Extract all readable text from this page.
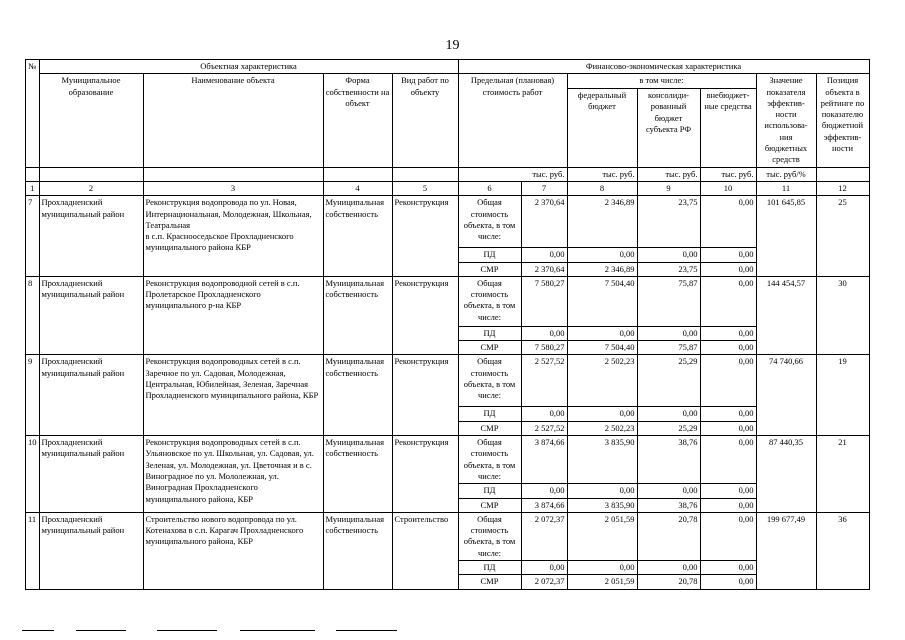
19
№	Объектная характеристика				Финансово-экономическая характеристика						
	Муниципальное образование	Наименование объекта	Форма собственности на объект	Вид работ по объекту	Предельная (плановая) стоимость работ		в том числе:			Значение показателя эффектив-ности использова-ния бюджетных средств	Позиция объекта в рейтинге по показателю бюджетной эффектив-ности
							федеральный бюджет	консолиди-рованный бюджет субъекта РФ	внебюджет-ные средства		
					тыс. руб.		тыс. руб.	тыс. руб.	тыс. руб.	тыс. руб/%	
1	2	3	4	5	6	7	8	9	10	11	12
7	Прохладненский муниципальный район	Реконструкция водопровода по ул. Новая, Интернациональная, Молодежная, Школьная, Театральная
в с.п. Краснооседьское Прохладненского муниципального района КБР	Муниципальная собственность	Реконструкция	Общая стоимость объекта, в том числе:	2 370,64	2 346,89	23,75	0,00	101 645,85	25
					ПД	0,00	0,00	0,00	0,00		
					СМР	2 370,64	2 346,89	23,75	0,00		
8	Прохладненский муниципальный район	Реконструкция водопроводной сетей в с.п. Пролетарское Прохладненского муниципального р-на КБР	Муниципальная собственность	Реконструкция	Общая стоимость объекта, в том числе:	7 580,27	7 504,40	75,87	0,00	144 454,57	30
					ПД	0,00	0,00	0,00	0,00		
					СМР	7 580,27	7 504,40	75,87	0,00		
9	Прохладненский муниципальный район	Реконструкция водопроводных сетей в с.п. Заречное по ул. Садовая, Молодежная, Центральная, Юбилейная, Зеленая, Заречная Прохладненского муниципального района, КБР	Муниципальная собственность	Реконструкция	Общая стоимость объекта, в том числе:	2 527,52	2 502,23	25,29	0,00	74 740,66	19
					ПД	0,00	0,00	0,00	0,00		
					СМР	2 527,52	2 502,23	25,29	0,00		
10	Прохладненский муниципальный район	Реконструкция водопроводных сетей в с.п. Ульяновское по ул. Школьная, ул. Садовая, ул. Зеленая, ул. Молодежная, ул. Цветочная и в с. Виноградное по ул. Мололежная, ул. Виноградная Прохладненского муниципального района, КБР	Муниципальная собственность	Реконструкция	Общая стоимость объекта, в том числе:	3 874,66	3 835,90	38,76	0,00	87 440,35	21
					ПД	0,00	0,00	0,00	0,00		
					СМР	3 874,66	3 835,90	38,76	0,00		
11	Прохладненский муниципальный район	Строительство нового водопровода по ул. Котенахова в с.п. Карагач Прохладненского муниципального района, КБР	Муниципальная собственность	Строительство	Общая стоимость объекта, в том числе:	2 072,37	2 051,59	20,78	0,00	199 677,49	36
					ПД	0,00	0,00	0,00	0,00		
					СМР	2 072,37	2 051,59	20,78	0,00		
